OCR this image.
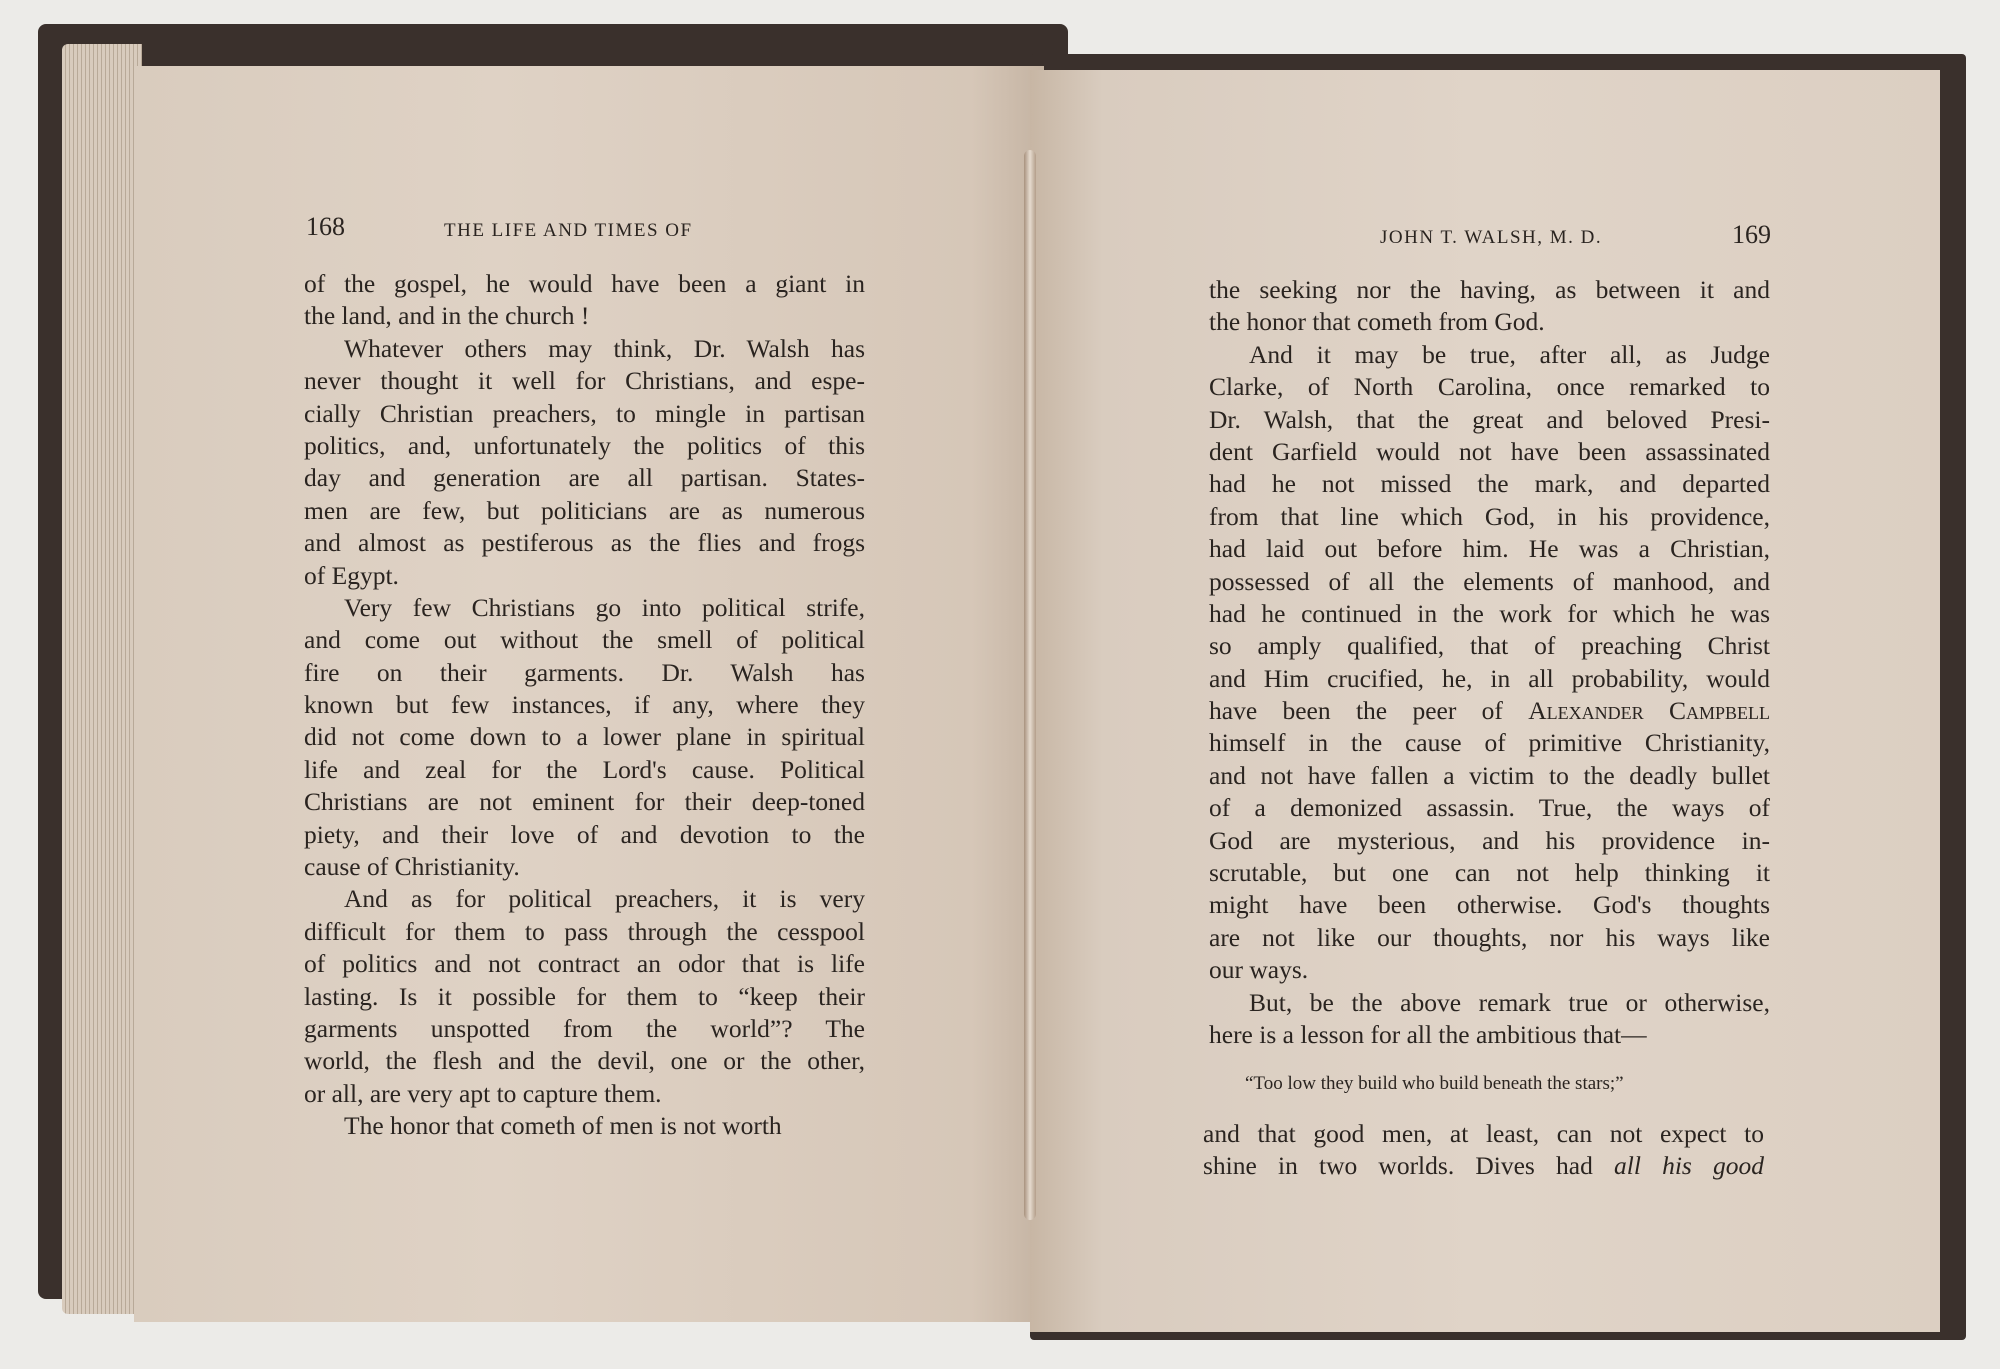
168	THE LIFE AND TIMES OF
of the gospel, he would have been a giant in
the land, and in the church !
Whatever others may think, Dr. Walsh has
never thought it well for Christians, and espe-
cially Christian preachers, to mingle in partisan
politics, and, unfortunately the politics of this
day and generation are all partisan. States-
men are few, but politicians are as numerous
and almost as pestiferous as the flies and frogs
of Egypt.
Very few Christians go into political strife,
and come out without the smell of political
fire on their garments. Dr. Walsh has
known but few instances, if any, where they
did not come down to a lower plane in spiritual
life and zeal for the Lord's cause. Political
Christians are not eminent for their deep-toned
piety, and their love of and devotion to the
cause of Christianity.
And as for political preachers, it is very
difficult for them to pass through the cesspool
of politics and not contract an odor that is life
lasting. Is it possible for them to “keep their
garments unspotted from the world”? The
world, the flesh and the devil, one or the other,
or all, are very apt to capture them.
The honor that cometh of men is not worth
JOHN T. WALSH, M. D.	169
the seeking nor the having, as between it and
the honor that cometh from God.
And it may be true, after all, as Judge
Clarke, of North Carolina, once remarked to
Dr. Walsh, that the great and beloved Presi-
dent Garfield would not have been assassinated
had he not missed the mark, and departed
from that line which God, in his providence,
had laid out before him. He was a Christian,
possessed of all the elements of manhood, and
had he continued in the work for which he was
so amply qualified, that of preaching Christ
and Him crucified, he, in all probability, would
have been the peer of Alexander Campbell
himself in the cause of primitive Christianity,
and not have fallen a victim to the deadly bullet
of a demonized assassin. True, the ways of
God are mysterious, and his providence in-
scrutable, but one can not help thinking it
might have been otherwise. God's thoughts
are not like our thoughts, nor his ways like
our ways.
But, be the above remark true or otherwise,
here is a lesson for all the ambitious that—
“Too low they build who build beneath the stars;”
and that good men, at least, can not expect to
shine in two worlds. Dives had all his good
